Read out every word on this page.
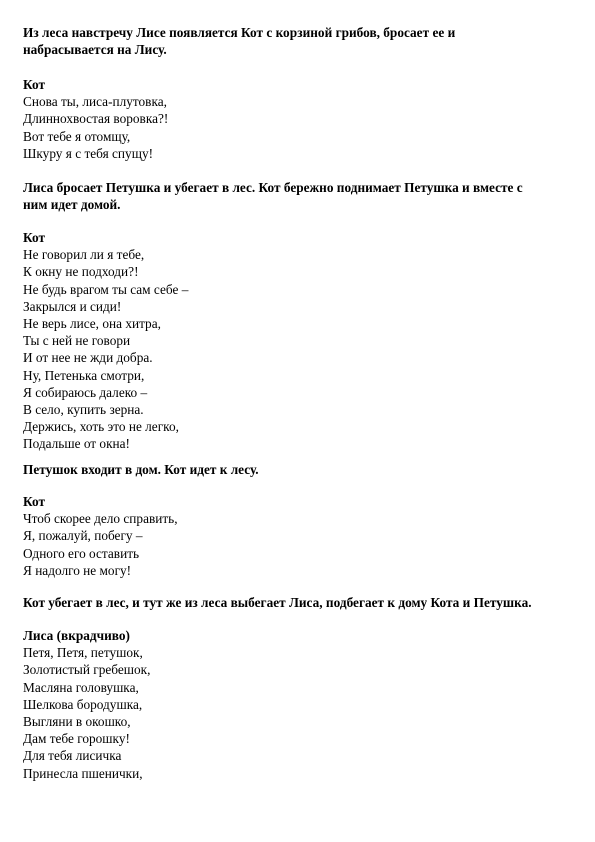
Из леса навстречу Лисе появляется Кот с корзиной грибов, бросает ее и
набрасывается на Лису.
Кот
Снова ты, лиса-плутовка,
Длиннохвостая воровка?!
Вот тебе я отомщу,
Шкуру я с тебя спущу!
Лиса бросает Петушка и убегает в лес. Кот бережно поднимает Петушка и вместе с
ним идет домой.
Кот
Не говорил ли я тебе,
К окну не подходи?!
Не будь врагом ты сам себе –
Закрылся и сиди!
Не верь лисе, она хитра,
Ты с ней не говори
И от нее не жди добра.
Ну, Петенька смотри,
Я собираюсь далеко –
В село, купить зерна.
Держись, хоть это не легко,
Подальше от окна!
Петушок входит в дом. Кот идет к лесу.
Кот
Чтоб скорее дело справить,
Я, пожалуй, побегу –
Одного его оставить
Я надолго не могу!
Кот убегает в лес, и тут же из леса выбегает Лиса, подбегает к дому Кота и Петушка.
Лиса (вкрадчиво)
Петя, Петя, петушок,
Золотистый гребешок,
Масляна головушка,
Шелкова бородушка,
Выгляни в окошко,
Дам тебе горошку!
Для тебя лисичка
Принесла пшенички,
